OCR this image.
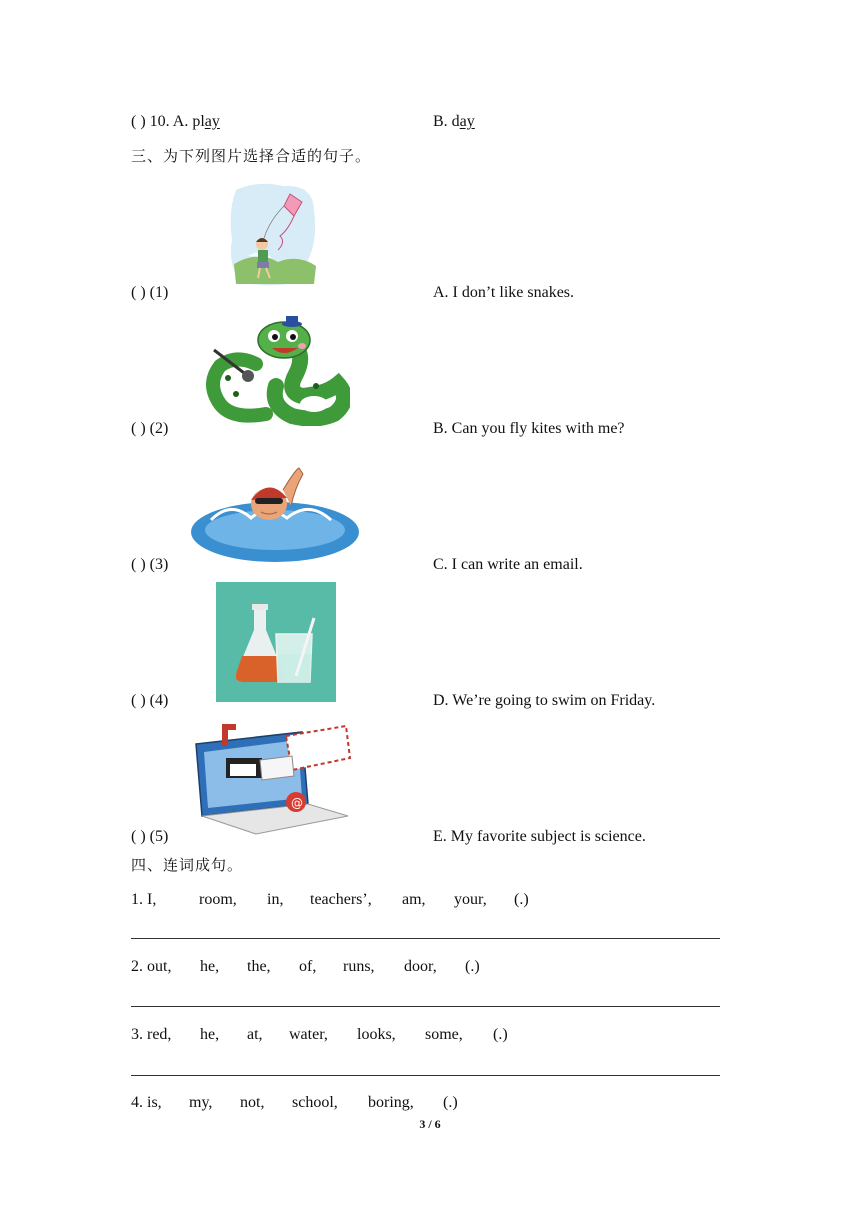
( ) 10. A. play	B. day
三、为下列图片选择合适的句子。
( ) (1)	A. I don’t like snakes.
( ) (2)	B. Can you fly kites with me?
( ) (3)	C. I can write an email.
( ) (4)	D. We’re going to swim on Friday.
@
( ) (5)	E. My favorite subject is science.
四、连词成句。
1. I,	room, in, teachers’, am, your, (.)
2. out, he, the, of, runs, door, (.)
3. red, he, at, water, looks, some, (.)
4. is, my, not, school, boring, (.)
3 / 6
